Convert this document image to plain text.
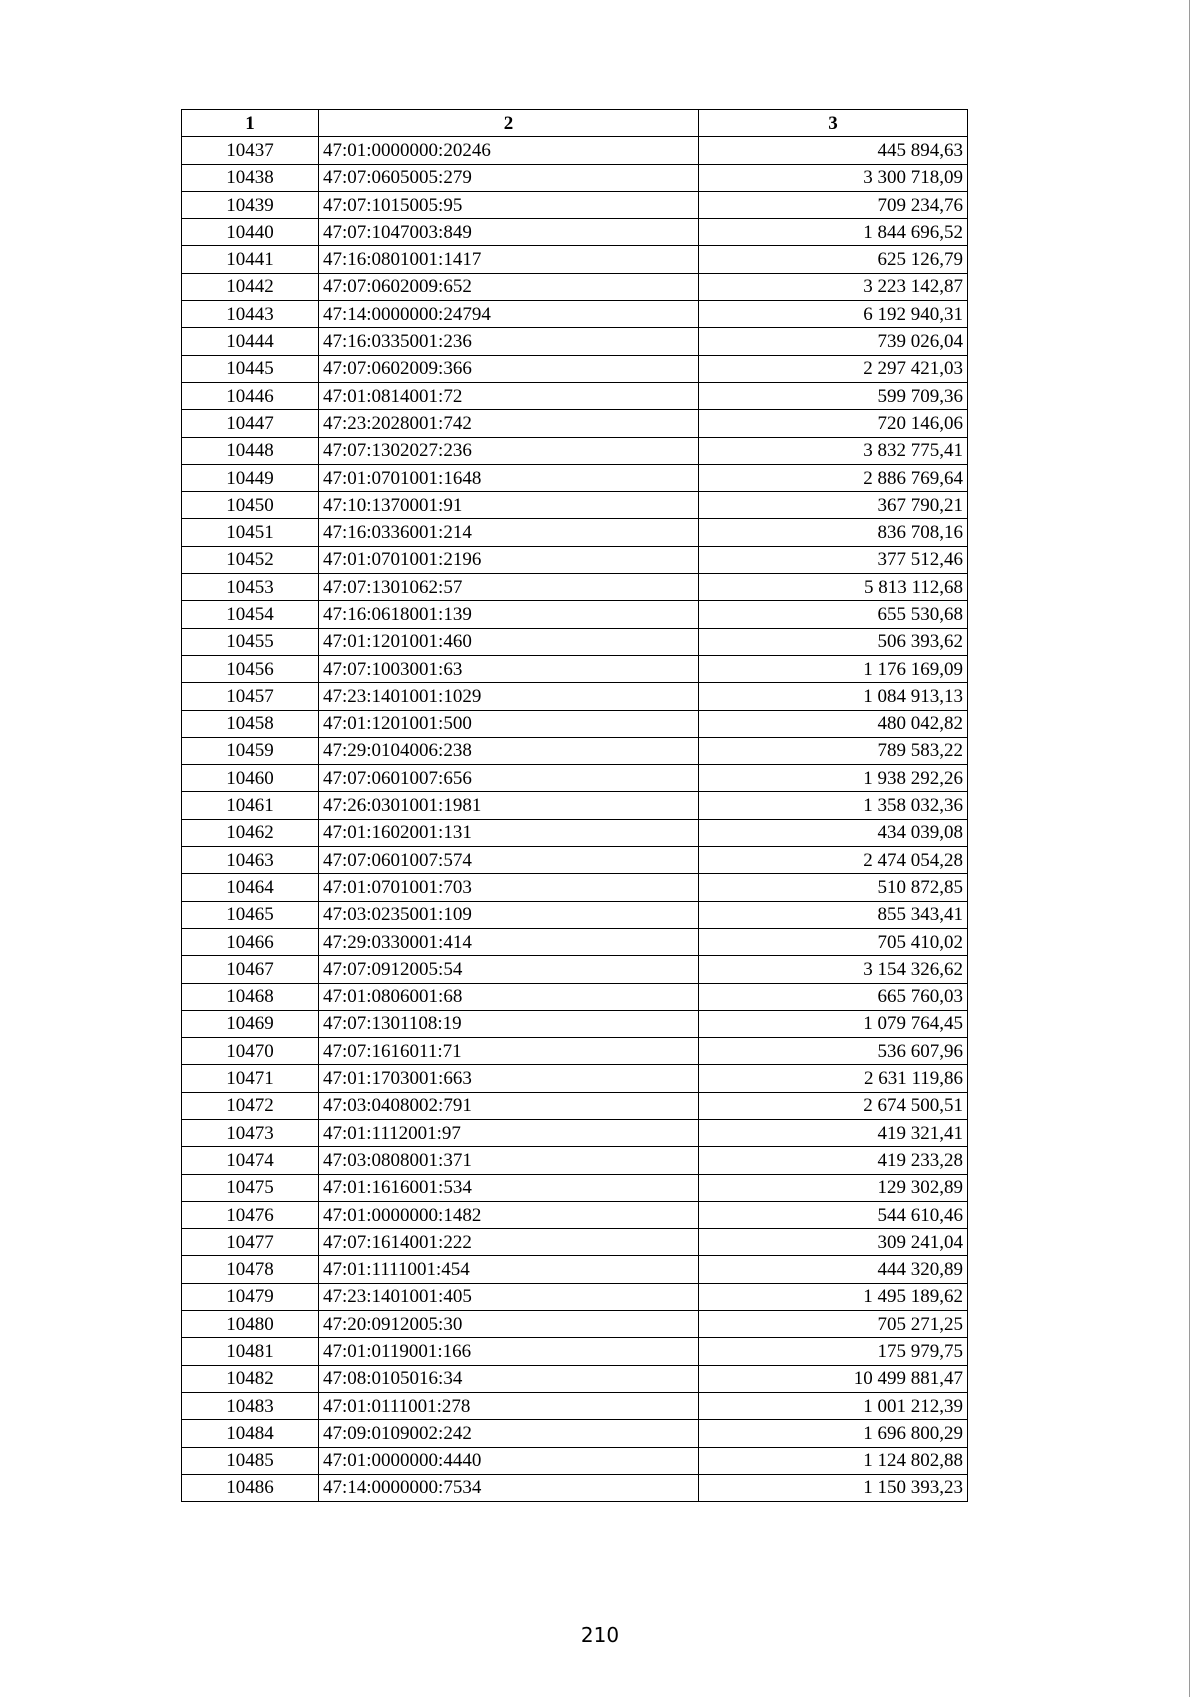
1	2	3
10437	47:01:0000000:20246	445 894,63
10438	47:07:0605005:279	3 300 718,09
10439	47:07:1015005:95	709 234,76
10440	47:07:1047003:849	1 844 696,52
10441	47:16:0801001:1417	625 126,79
10442	47:07:0602009:652	3 223 142,87
10443	47:14:0000000:24794	6 192 940,31
10444	47:16:0335001:236	739 026,04
10445	47:07:0602009:366	2 297 421,03
10446	47:01:0814001:72	599 709,36
10447	47:23:2028001:742	720 146,06
10448	47:07:1302027:236	3 832 775,41
10449	47:01:0701001:1648	2 886 769,64
10450	47:10:1370001:91	367 790,21
10451	47:16:0336001:214	836 708,16
10452	47:01:0701001:2196	377 512,46
10453	47:07:1301062:57	5 813 112,68
10454	47:16:0618001:139	655 530,68
10455	47:01:1201001:460	506 393,62
10456	47:07:1003001:63	1 176 169,09
10457	47:23:1401001:1029	1 084 913,13
10458	47:01:1201001:500	480 042,82
10459	47:29:0104006:238	789 583,22
10460	47:07:0601007:656	1 938 292,26
10461	47:26:0301001:1981	1 358 032,36
10462	47:01:1602001:131	434 039,08
10463	47:07:0601007:574	2 474 054,28
10464	47:01:0701001:703	510 872,85
10465	47:03:0235001:109	855 343,41
10466	47:29:0330001:414	705 410,02
10467	47:07:0912005:54	3 154 326,62
10468	47:01:0806001:68	665 760,03
10469	47:07:1301108:19	1 079 764,45
10470	47:07:1616011:71	536 607,96
10471	47:01:1703001:663	2 631 119,86
10472	47:03:0408002:791	2 674 500,51
10473	47:01:1112001:97	419 321,41
10474	47:03:0808001:371	419 233,28
10475	47:01:1616001:534	129 302,89
10476	47:01:0000000:1482	544 610,46
10477	47:07:1614001:222	309 241,04
10478	47:01:1111001:454	444 320,89
10479	47:23:1401001:405	1 495 189,62
10480	47:20:0912005:30	705 271,25
10481	47:01:0119001:166	175 979,75
10482	47:08:0105016:34	10 499 881,47
10483	47:01:0111001:278	1 001 212,39
10484	47:09:0109002:242	1 696 800,29
10485	47:01:0000000:4440	1 124 802,88
10486	47:14:0000000:7534	1 150 393,23
210
